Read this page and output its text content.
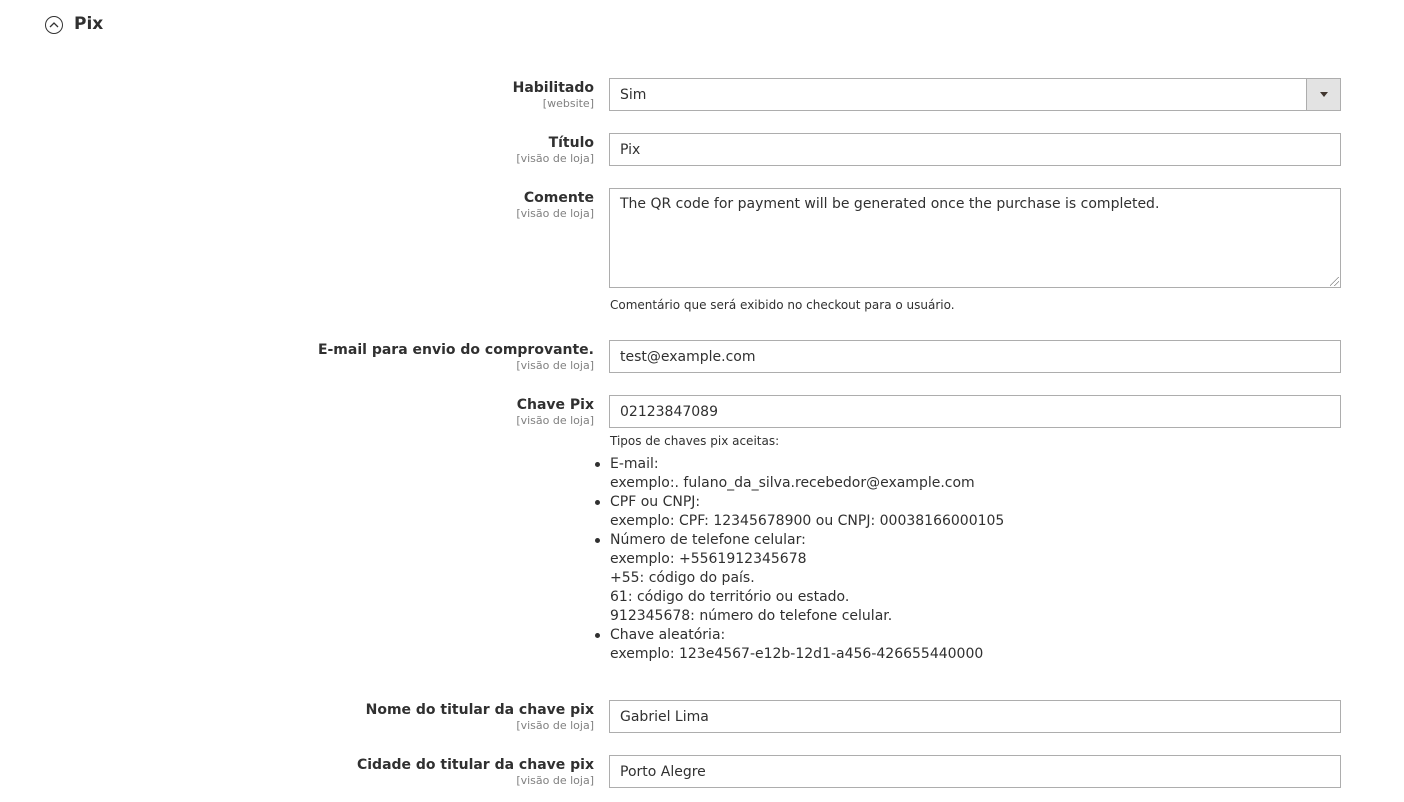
Pix
Habilitado
[website]
Sim
Título
[visão de loja]
Pix
Comente
[visão de loja]
The QR code for payment will be generated once the purchase is completed.
Comentário que será exibido no checkout para o usuário.
E-mail para envio do comprovante.
[visão de loja]
test@example.com
Chave Pix
[visão de loja]
02123847089
Tipos de chaves pix aceitas:
E-mail:
exemplo:. fulano_da_silva.recebedor@example.com
CPF ou CNPJ:
exemplo: CPF: 12345678900 ou CNPJ: 00038166000105
Número de telefone celular:
exemplo: +5561912345678
+55: código do país.
61: código do território ou estado.
912345678: número do telefone celular.
Chave aleatória:
exemplo: 123e4567-e12b-12d1-a456-426655440000
Nome do titular da chave pix
[visão de loja]
Gabriel Lima
Cidade do titular da chave pix
[visão de loja]
Porto Alegre
